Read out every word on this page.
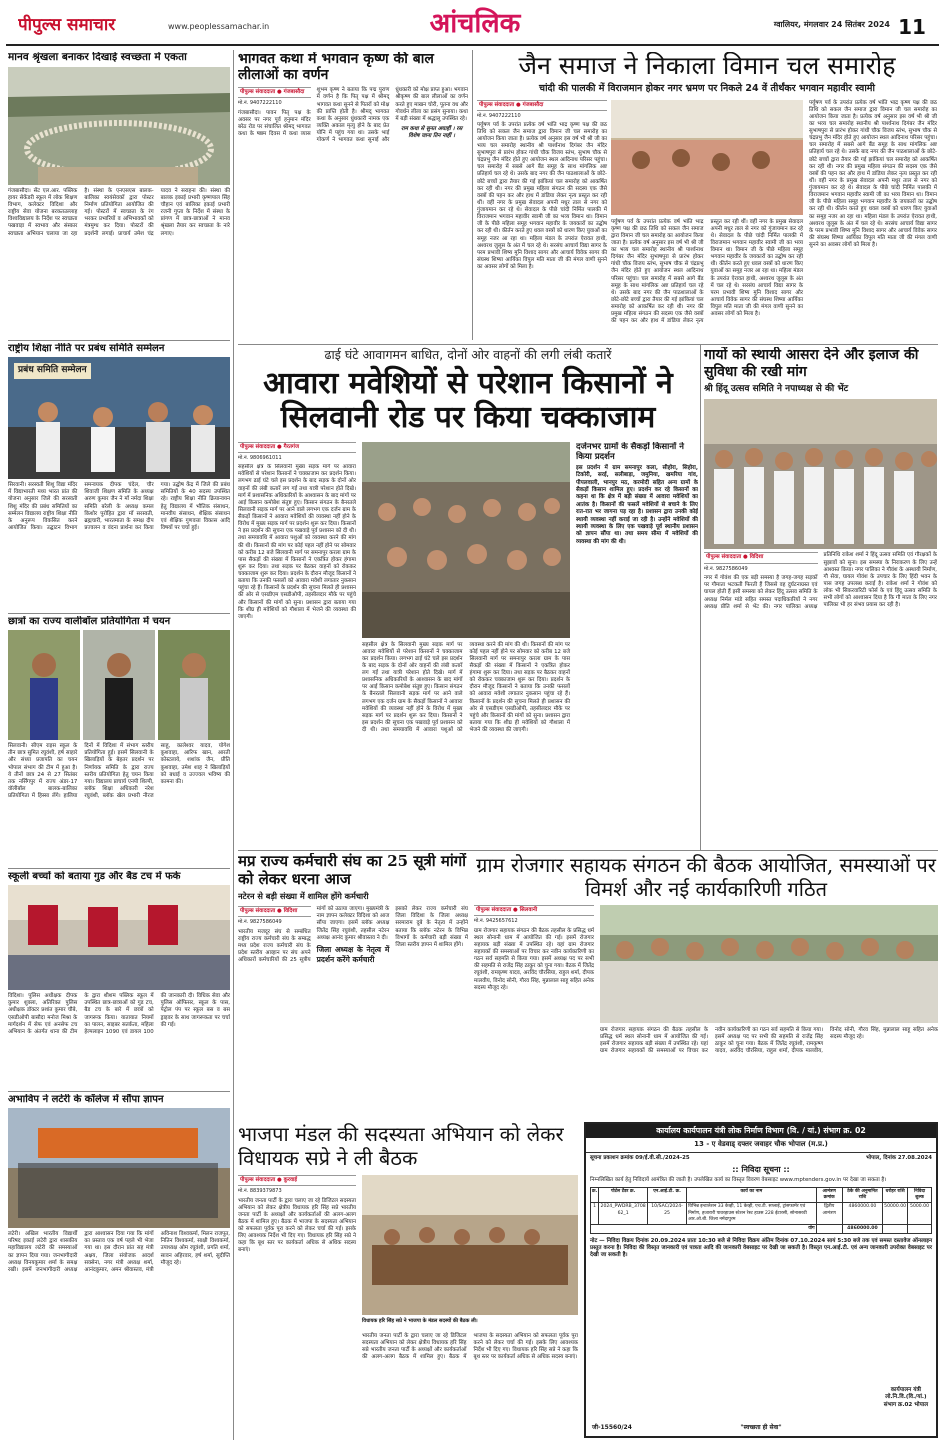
पीपुल्स समाचार	www.peoplessamachar.in	आंचलिक	ग्वालियर, मंगलवार 24 सितंबर 2024 11
मानव श्रृंखला बनाकर दिखाई स्वच्छता में एकता
गंजबासौदा। सेंट एल.आर. पब्लिक हायर सेकेंडरी स्कूल में लोक शिक्षण विभाग, कलेक्टर विदिशा और राष्ट्रीय सेवा योजना बरकतउल्लाह विश्वविद्यालय के निर्देश पर स्वच्छता पखवाड़ा में स्वभाव और संस्कार स्वच्छता अभियान चलाया जा रहा है। संस्था के एनएसएस बालक-बालिका स्वयंसेवकों द्वारा पोस्टर निर्माण प्रतियोगिता आयोजित की गई। पोस्टरों में स्वच्छता के रंग भरकर प्रभारियों व अभिभावकों को मंत्रमुग्ध कर दिया। पोस्टरों की प्रदर्शनी लगाई। प्राचार्य उमेश चंद्र यादव ने सराहना की। संस्था की बालक इकाई प्रभारी कृष्णपाल सिंह चौहान एवं बालिका इकाई प्रभारी रजनी गुप्ता के निर्देश में संस्था के प्रांगण में छात्र-छात्राओं ने मानव श्रृंखला तैयार कर स्वच्छता के नारे लगाए।
राष्ट्रीय शिक्षा नीति पर प्रबंध समिति सम्मेलन
प्रबंध समिति सम्मेलन
सिरवानी। सरस्वती शिशु विद्या मंदिर में विद्याभारती मध्य भारत प्रांत की योजना अनुसार जिले की सरस्वती शिशु मंदिर की प्रबंध समितियों का सम्मेलन विद्यालय राष्ट्रीय शिक्षा नीति के अनुरूप विकसित करने आयोजित किया। उद्घाटन विभाग समन्वयक दीपक चंदेल, चौर शिवाजी शिक्षण समिति के अध्यक्ष अरुण कुमार जैन ने माँ नर्मदा शिक्षा समिति बरेली के अध्यक्ष कमल किशोर पुरोहित द्वारा माँ सरस्वती, ब्रह्मचारी, भारतमाता के समक्ष दीप प्रज्वलन व वंदना प्रार्थना कर किया गया। उद्घोष केंद्र में जिले की प्रबंध समितियों के 40 सदस्य उपस्थित रहे। राष्ट्रीय शिक्षा नीति क्रियान्वयन हेतु विद्यालय में भौतिक संसाधन, मानवीय संसाधन, शैक्षिक संसाधन एवं शैक्षिक गुणवत्ता विकास आदि विषयों पर चर्चा हुई।
छात्रों का राज्य वालीबॉल प्रतियोगिता में चयन
सिलवानी। सीएम राइस स्कूल के तीन छात्र सुमित रघुवंशी, हर्ष साहारे और संध्या प्रजापति का चयन भोपाल संभाग की टीम में हुआ है। ये तीनों छात्र 24 से 27 सितंबर तक नर्सिंगपुर में राज्य अंडर-17 वॉलीबॉल बालक-बालिका प्रतियोगिता में हिस्सा लेंगे। हालिया दिनों में विदिशा में संभाग स्तरीय प्रतियोगिता हुई। इसमें सिलवानी के खिलाड़ियों के बेहतर प्रदर्शन पर निर्णायक समिति के द्वारा राज्य स्तरीय प्रतियोगिता हेतु चयन किया गया। विद्यालय प्राचार्य एनपी शिल्पी, ब्लॉक शिक्षा अधिकारी नरेश रघुवंशी, ब्लॉक खेल प्रभारी नीरज साहू, कालेश्वर यादव, योगेश कुशवाहा, आरिफ खान, आरती कोस्टलाये, शशांक जैन, प्रीति कुशवाहा, उमेश शाह ने खिलाड़ियों को बधाई व उज्ज्वल भविष्य की कामना की।
स्कूली बच्चों को बताया गुड और बैड टच में फर्क
विदिशा। पुलिस अधीक्षक दीपक कुमार शुक्ला, अतिरिक्त पुलिस अधीक्षक डॉक्टर प्रशांत कुमार चौबे, एसडीओपी बासौदा मनोज मिश्रा के मार्गदर्शन में सेफ एवं अनसेफ टच अभियान के अंतर्गत थाना की टीम के द्वारा शीशम पब्लिक स्कूल में उपस्थित छात्र-छात्राओं को गुड टच, बैड टच के बारे में छात्रों को जागरूक किया। यातायात नियमों का पालन, साइबर सतर्कता, महिला हेल्पलाइन 1090 एवं डायल 100 की जानकारी दी। विधिक सेवा और पुलिस ऑफिसर, स्कूल के पास, पेट्रोल पंप पर स्कूल बस व बस ड्राइवर के साथ जागरूकता पर चर्चा की गई।
अभाविप ने लटेरी के कॉलेज में सौंपा ज्ञापन
लटेरी। अखिल भारतीय विद्यार्थी परिषद इकाई लटेरी द्वारा शासकीय महाविद्यालय लटेरी की समस्याओं का ज्ञापन दिया गया। जनभागीदारी अध्यक्ष विनयकुमार शर्मा के समक्ष रखी। इसमें जनभागीदारी अध्यक्ष द्वारा आश्वासन दिया गया कि मांगों का प्रस्ताव एक वर्ष पहले भी भेजा गया था। इस दौरान प्रांत सह मंत्री अक्षय, जिला संयोजक आदर्श सक्सेना, नगर मंत्री अध्यक्ष शर्मा, आनंदकुमार, अमन श्रीवास्तव, मंत्री अविनाश विश्वकर्मा, मिलन राजपूत, नितिन विश्वकर्मा, साक्षी विश्वकर्मा, उपाध्यक्ष ओम रघुवंशी, प्रगति शर्मा, सावन अहिरवार, हर्ष शर्मा, सुदीप्ति मौजूद रहे।
भागवत कथा में भगवान कृष्ण की बाल लीलाओं का वर्णन
पीपुल्स संवाददाता ● गंजबासौदा
मो.नं. 9407222110
गंजबासौदा। पावन पितृ पक्ष के अवसर पर नगर पूर्व हनुमान मंदिर बरेठ रोड पर संचालित श्रीमद् भागवत कथा के षष्ठम दिवस में कथा व्यास शुभम कृष्ण ने बताया कि पद्म पुराण में वर्णन है कि पितृ पक्ष में श्रीमद् भागवत कथा सुनने से पितरों को मोक्ष की प्राप्ति होती है। श्रीमद् भागवत कथा के अनुसार धुंधकारी नामक एक व्यक्ति अकाल मृत्यु होने के बाद प्रेत योनि में पहुंच गया था। उसके भाई गोकर्ण ने भागवत कथा सुनाई और धुंधकारी को मोक्ष प्राप्त हुआ। भगवान श्रीकृष्ण की बाल लीलाओं का वर्णन करते हुए माखन चोरी, पूतना वध और गोवर्धन लीला का प्रसंग सुनाया। कथा में बड़ी संख्या में श्रद्धालु उपस्थित रहे।
राम कथा से सुनत अघाहीं । रस विशेष जाना तिन नाहीं ।
जैन समाज ने निकाला विमान चल समारोह
चांदी की पालकी में विराजमान होकर नगर भ्रमण पर निकले 24 वें तीर्थंकर भगवान महावीर स्वामी
पीपुल्स संवाददाता ● गंजबासौदा
मो.नं. 9407222110
पर्युषण पर्व के उपरांत प्रत्येक वर्ष भांति भाद्र कृष्ण पक्ष की छठ तिथि को सकल जैन समाज द्वारा विमान जी चल समारोह का आयोजन किया जाता है। प्रत्येक वर्ष अनुसार इस वर्ष भी श्री जी का भव्य चल समारोह स्थानीय श्री पार्श्वनाथ दिगंबर जैन मंदिर सुभाषपुरा से प्रारंभ होकर गांधी चौक विजय स्तंभ, सुभाष चौक से चंद्रप्रभु जैन मंदिर होते हुए आयोजन स्थल आदिनाथ परिसर पहुंचा। चल समारोह में सबसे आगे बैंड समूह के साथ मांगलिक अष्ट प्रतिहार्य चल रहे थे। उसके बाद नगर की जैन पाठशालाओं के छोटे-छोटे बच्चों द्वारा तैयार की गई झांकियां चल समारोह को आकर्षित कर रही थी। नगर की प्रमुख महिला संगठन की सदस्य एक जैसे वस्त्रों की पहन कर और हाथ में डांडिया लेकर नृत्य प्रस्तुत कर रही थीं। वहीं नगर के प्रमुख सेवादल अपनी मधुर ताल से नगर को गुंजायमान कर रहे थे। सेवादल के पीछे चांदी निर्मित पालकी में विराजमान भगवान महावीर स्वामी जी का भव्य विमान था। विमान जी के पीछे महिला समूह भगवान महावीर के जयकारों का उद्घोष कर रही थी। कीर्तन करते हुए धवल वस्त्रों को धारण किए युवाओं का समूह नजर आ रहा था। महिला मंडल के उपरांत ऐरावत हाथी, अश्वरथ जुलूस के अंत में चल रहे थे। सरसंघ आचार्य विद्या सागर के परम प्रभावी शिष्य मुनि विशाद सागर और आचार्य विवेक सागर की संघस्थ शिष्या आर्यिका विपुल मति माता जी की मंगल वाणी सुनने का अवसर लोगों को मिला है।
पर्युषण पर्व के उपरांत प्रत्येक वर्ष भांति भाद्र कृष्ण पक्ष की छठ तिथि को सकल जैन समाज द्वारा विमान जी चल समारोह का आयोजन किया जाता है। प्रत्येक वर्ष अनुसार इस वर्ष भी श्री जी का भव्य चल समारोह स्थानीय श्री पार्श्वनाथ दिगंबर जैन मंदिर सुभाषपुरा से प्रारंभ होकर गांधी चौक विजय स्तंभ, सुभाष चौक से चंद्रप्रभु जैन मंदिर होते हुए आयोजन स्थल आदिनाथ परिसर पहुंचा। चल समारोह में सबसे आगे बैंड समूह के साथ मांगलिक अष्ट प्रतिहार्य चल रहे थे। उसके बाद नगर की जैन पाठशालाओं के छोटे-छोटे बच्चों द्वारा तैयार की गई झांकियां चल समारोह को आकर्षित कर रही थी। नगर की प्रमुख महिला संगठन की सदस्य एक जैसे वस्त्रों की पहन कर और हाथ में डांडिया लेकर नृत्य प्रस्तुत कर रही थीं। वहीं नगर के प्रमुख सेवादल अपनी मधुर ताल से नगर को गुंजायमान कर रहे थे। सेवादल के पीछे चांदी निर्मित पालकी में विराजमान भगवान महावीर स्वामी जी का भव्य विमान था। विमान जी के पीछे महिला समूह भगवान महावीर के जयकारों का उद्घोष कर रही थी। कीर्तन करते हुए धवल वस्त्रों को धारण किए युवाओं का समूह नजर आ रहा था। महिला मंडल के उपरांत ऐरावत हाथी, अश्वरथ जुलूस के अंत में चल रहे थे। सरसंघ आचार्य विद्या सागर के परम प्रभावी शिष्य मुनि विशाद सागर और आचार्य विवेक सागर की संघस्थ शिष्या आर्यिका विपुल मति माता जी की मंगल वाणी सुनने का अवसर लोगों को मिला है।
पर्युषण पर्व के उपरांत प्रत्येक वर्ष भांति भाद्र कृष्ण पक्ष की छठ तिथि को सकल जैन समाज द्वारा विमान जी चल समारोह का आयोजन किया जाता है। प्रत्येक वर्ष अनुसार इस वर्ष भी श्री जी का भव्य चल समारोह स्थानीय श्री पार्श्वनाथ दिगंबर जैन मंदिर सुभाषपुरा से प्रारंभ होकर गांधी चौक विजय स्तंभ, सुभाष चौक से चंद्रप्रभु जैन मंदिर होते हुए आयोजन स्थल आदिनाथ परिसर पहुंचा। चल समारोह में सबसे आगे बैंड समूह के साथ मांगलिक अष्ट प्रतिहार्य चल रहे थे। उसके बाद नगर की जैन पाठशालाओं के छोटे-छोटे बच्चों द्वारा तैयार की गई झांकियां चल समारोह को आकर्षित कर रही थी। नगर की प्रमुख महिला संगठन की सदस्य एक जैसे वस्त्रों की पहन कर और हाथ में डांडिया लेकर नृत्य प्रस्तुत कर रही थीं। वहीं नगर के प्रमुख सेवादल अपनी मधुर ताल से नगर को गुंजायमान कर रहे थे। सेवादल के पीछे चांदी निर्मित पालकी में विराजमान भगवान महावीर स्वामी जी का भव्य विमान था। विमान जी के पीछे महिला समूह भगवान महावीर के जयकारों का उद्घोष कर रही थी। कीर्तन करते हुए धवल वस्त्रों को धारण किए युवाओं का समूह नजर आ रहा था। महिला मंडल के उपरांत ऐरावत हाथी, अश्वरथ जुलूस के अंत में चल रहे थे। सरसंघ आचार्य विद्या सागर के परम प्रभावी शिष्य मुनि विशाद सागर और आचार्य विवेक सागर की संघस्थ शिष्या आर्यिका विपुल मति माता जी की मंगल वाणी सुनने का अवसर लोगों को मिला है।
ढाई घंटे आवागमन बाधित, दोनों ओर वाहनों की लगी लंबी कतारें
आवारा मवेशियों से परेशान किसानों ने सिलवानी रोड पर किया चक्काजाम
पीपुल्स संवाददाता ● गैरतगंज
मो.नं. 9806961011
सहसील क्षेत्र के सिलवानी मुख्य सड़क मार्ग पर आवारा मवेशियों से परेशान किसानों ने चक्काजाम कर प्रदर्शन किया। लगभग ढाई घंटे चले इस प्रदर्शन के बाद सड़क के दोनों ओर वाहनों की लंबी कतारें लग गईं तथा यात्री परेशान होते दिखे। मार्ग में प्रशासनिक अधिकारियों के आश्वासन के बाद मांगों पर आई किसान कमोबेश संतुष्ट हुए। किसान संगठन के बैनरतले सिलवानी सड़क मार्ग पर आने वाले लगभग एक दर्जन ग्राम के सैकड़ों किसानों ने आवारा मवेशियों की व्यवस्था नहीं होने के विरोध में मुख्य सड़क मार्ग पर प्रदर्शन शुरू कर दिया। किसानों ने इस प्रदर्शन की सूचना एक पखवाड़े पूर्व प्रशासन को दी थी। तथा समयावधि में आवारा पशुओं को व्यवस्था करने की मांग की थी। किसानों की मांग पर कोई पहल नहीं होने पर सोमवार को करीब 12 बजे सिलवानी मार्ग पर समनापुर करला ग्राम के पास सैकड़ों की संख्या में किसानों ने एकत्रित होकर हंगामा शुरू कर दिया। तथा सड़क पर बैठकर वाहनों को रोककर चक्काजाम शुरू कर दिया। प्रदर्शन के दौरान मौजूद किसानों ने बताया कि उनकी फसलों को आवारा मवेशी लगातार नुकसान पहुंचा रहे हैं। किसानों के प्रदर्शन की सूचना मिलते ही प्रशासन की ओर से एसडीएम एसडीओपी, तहसीलदार मौके पर पहुंचे और किसानों की मांगों को सुना। प्रशासन द्वारा बताया गया कि शीघ्र ही मवेशियों को गौशाला में भेजने की व्यवस्था की जाएगी।
सहसील क्षेत्र के सिलवानी मुख्य सड़क मार्ग पर आवारा मवेशियों से परेशान किसानों ने चक्काजाम कर प्रदर्शन किया। लगभग ढाई घंटे चले इस प्रदर्शन के बाद सड़क के दोनों ओर वाहनों की लंबी कतारें लग गईं तथा यात्री परेशान होते दिखे। मार्ग में प्रशासनिक अधिकारियों के आश्वासन के बाद मांगों पर आई किसान कमोबेश संतुष्ट हुए। किसान संगठन के बैनरतले सिलवानी सड़क मार्ग पर आने वाले लगभग एक दर्जन ग्राम के सैकड़ों किसानों ने आवारा मवेशियों की व्यवस्था नहीं होने के विरोध में मुख्य सड़क मार्ग पर प्रदर्शन शुरू कर दिया। किसानों ने इस प्रदर्शन की सूचना एक पखवाड़े पूर्व प्रशासन को दी थी। तथा समयावधि में आवारा पशुओं को व्यवस्था करने की मांग की थी। किसानों की मांग पर कोई पहल नहीं होने पर सोमवार को करीब 12 बजे सिलवानी मार्ग पर समनापुर करला ग्राम के पास सैकड़ों की संख्या में किसानों ने एकत्रित होकर हंगामा शुरू कर दिया। तथा सड़क पर बैठकर वाहनों को रोककर चक्काजाम शुरू कर दिया। प्रदर्शन के दौरान मौजूद किसानों ने बताया कि उनकी फसलों को आवारा मवेशी लगातार नुकसान पहुंचा रहे हैं। किसानों के प्रदर्शन की सूचना मिलते ही प्रशासन की ओर से एसडीएम एसडीओपी, तहसीलदार मौके पर पहुंचे और किसानों की मांगों को सुना। प्रशासन द्वारा बताया गया कि शीघ्र ही मवेशियों को गौशाला में भेजने की व्यवस्था की जाएगी।
दर्जनभर ग्रामों के सैकड़ों किसानों ने किया प्रदर्शन
इस प्रदर्शन में ग्राम समनापुर कला, सीहोरा, सिहोरा, टिकोरी, सरई, सलीबाड़ा, जमुनिया, खमरिया गांव, पीपलवाली, भानपुर मठ, करमोदी सहित अन्य ग्रामों के सैकड़ों किसान शामिल हुए। प्रदर्शन कर रहे किसानों का कहना था कि क्षेत्र में बड़ी संख्या में आवारा मवेशियों का आतंक है। किसानों की फसलें मवेशियों से बचाने के लिए रात-रात भर जागना पड़ रहा है। प्रशासन द्वारा उनकी कोई स्थायी व्यवस्था नहीं कराई जा रही है। उन्होंने मवेशियों की स्थायी व्यवस्था के लिए एक पखवाड़े पूर्व स्थानीय प्रशासन को ज्ञापन सौंपा था। तथा समय सीमा में मवेशियों की व्यवस्था की मांग की थी।
गायों को स्थायी आसरा देने और इलाज की सुविधा की रखी मांग
श्री हिंदू उत्सव समिति ने नपाध्यक्ष से की भेंट
पीपुल्स संवाददाता ● विदिशा
मो.नं. 9827586049
नगर में गोवंश की एक बड़ी समस्या है जगह-जगह सड़कों पर गौमाता भटकती फिरती हैं जिससे वह दुर्घटनाग्रस्त एवं घायल होती हैं इसी समस्या को लेकर हिंदू उत्सव समिति के अध्यक्ष निर्मल मांडे सहित समस्त पदाधिकारियों ने नगर अध्यक्ष प्रीति शर्मा से भेंट की। नगर पालिका अध्यक्ष प्रतिनिधि राकेश शर्मा ने हिंदू उत्सव समिति एवं गौरक्षकों के सुझावों को सुना। इस समस्या के निराकरण के लिए उन्हें आश्वस्त किया। नगर पालिका ने गौवंश के अस्थायी निर्माण, गौ सेवा, घायल गोवंश के उपचार के लिए हिंदी भवन के पास जगह उपलब्ध कराई है। राकेश शर्मा ने गोवंश को लोक भी सिकरवारिटी फोर्स के एवं हिंदू उत्सव समिति के सभी लोगों को आश्वासन दिया है कि गौ माता के लिए नगर पालिका भी हर संभव प्रयास कर रही है।
मप्र राज्य कर्मचारी संघ का 25 सूत्री मांगों को लेकर धरना आज
नटेरन से बड़ी संख्या में शामिल होंगे कर्मचारी
पीपुल्स संवाददाता ● विदिशा
मो.नं. 9827586049
भारतीय मजदूर संघ से सम्बंधित राष्ट्रीय राज्य कर्मचारी संघ के सम्बद्ध मध्य प्रदेश राज्य कर्मचारी संघ के प्रदेश स्तरीय आव्हान पर संघ अपने अधिकारों कर्मचारियों की 25 सूत्रीय मांगों को उठाया जाएगा। मुख्यमंत्री के नाम ज्ञापन कलेक्टर विदिशा को आज सौंपा जाएगा। इसमें ब्लॉक अध्यक्ष जितेंद्र सिंह रघुवंशी, तहसील नटेरन अध्यक्ष आनंद कुमार श्रीवास्तव ने दी।
जिला अध्यक्ष के नेतृत्व में प्रदर्शन करेंगे कर्मचारी
इसको लेकर राज्य कर्मचारी संघ जिला विदिशा के जिला अध्यक्ष सरमाराम दुबे के नेतृत्व में उन्होंने बताया कि ब्लॉक नटेरन के विभिन्न विभागों के कर्मचारी बड़ी संख्या में जिला स्तरीय ज्ञापन में शामिल होंगे।
ग्राम रोजगार सहायक संगठन की बैठक आयोजित, समस्याओं पर विमर्श और नई कार्यकारिणी गठित
पीपुल्स संवाददाता ● सिलवानी
मो.नं. 9425657612
ग्राम रोजगार सहायक संगठन की बैठक तहसील के प्रसिद्ध धर्म स्थल सोनानी धाम में आयोजित की गई। इसमें रोजगार सहायक बड़ी संख्या में उपस्थित रहे। यहां ग्राम रोजगार सहायकों की समस्याओं पर विचार कर नवीन कार्यकारिणी का गठन सर्व सहमति से किया गया। इसमें अध्यक्ष पद पर सभी की सहमति से राजेंद्र सिंह ठाकुर को चुना गया। बैठक में जितेंद्र रघुवंशी, रामकृष्ण यादव, अरविंद चौरसिया, राहुल शर्मा, दीपक मालवीय, विनोद सोनी, गौरव सिंह, मुन्नालाल साहू सहित अनेक सदस्य मौजूद रहे।
ग्राम रोजगार सहायक संगठन की बैठक तहसील के प्रसिद्ध धर्म स्थल सोनानी धाम में आयोजित की गई। इसमें रोजगार सहायक बड़ी संख्या में उपस्थित रहे। यहां ग्राम रोजगार सहायकों की समस्याओं पर विचार कर नवीन कार्यकारिणी का गठन सर्व सहमति से किया गया। इसमें अध्यक्ष पद पर सभी की सहमति से राजेंद्र सिंह ठाकुर को चुना गया। बैठक में जितेंद्र रघुवंशी, रामकृष्ण यादव, अरविंद चौरसिया, राहुल शर्मा, दीपक मालवीय, विनोद सोनी, गौरव सिंह, मुन्नालाल साहू सहित अनेक सदस्य मौजूद रहे।
भाजपा मंडल की सदस्यता अभियान को लेकर विधायक सप्रे ने ली बैठक
पीपुल्स संवाददाता ● कुरवाई
मो.नं. 8839379873
भारतीय जनता पार्टी के द्वारा चलाए जा रहे डिजिटल सदस्यता अभियान को लेकर क्षेत्रीय विधायक हरि सिंह सप्रे भारतीय जनता पार्टी के अध्यक्षों और कार्यकर्ताओं की अलग-अलग बैठक में शामिल हुए। बैठक में भाजपा के सदस्यता अभियान को सफलता पूर्वक पूरा करने को लेकर चर्चा की गई। इसके लिए आवश्यक निर्देश भी दिए गए। विधायक हरि सिंह सप्रे ने कहा कि बूथ स्तर पर कार्यकर्ता अधिक से अधिक सदस्य बनाएं।
विधायक हरि सिंह सप्रे ने भाजपा के मंडल सदस्यों की बैठक ली।
भारतीय जनता पार्टी के द्वारा चलाए जा रहे डिजिटल सदस्यता अभियान को लेकर क्षेत्रीय विधायक हरि सिंह सप्रे भारतीय जनता पार्टी के अध्यक्षों और कार्यकर्ताओं की अलग-अलग बैठक में शामिल हुए। बैठक में भाजपा के सदस्यता अभियान को सफलता पूर्वक पूरा करने को लेकर चर्चा की गई। इसके लिए आवश्यक निर्देश भी दिए गए। विधायक हरि सिंह सप्रे ने कहा कि बूथ स्तर पर कार्यकर्ता अधिक से अधिक सदस्य बनाएं।
कार्यालय कार्यपालन यंत्री लोक निर्माण विभाग (वि. / यां.) संभाग क्र. 02
13 - ए वेडवाड्‌ दफ्तर जवाहर चौक भोपाल (म.प्र.)
सूचना प्रकाशन क्रमांक 09/ई.वी.सी./2024-25	भोपाल, दिनांक 27.08.2024
:: निविदा सूचना ::
निम्नलिखित कार्य हेतु निविदायें आमंत्रित की जाती है। उपलेखित कार्य का विस्तृत विवरण वेबसाइट www.mptenders.gov.in पर देखा जा सकता है।
क्र.	पोर्टल टेंडर क्र.	एन.आई.टी. क्र.	कार्य का नाम	आमंत्रण क्रमांक	ठेके की अनुमानित राशि	धरोहर राशि	निविदा शुल्क
1	2024_PWDRB_370862_1	10/SAC/2024-25	विभिन्न इन्टालेशन 33 केव्ही, 11 केव्ही, एच.टी. सप्लाई, ट्रांसफार्मर एवं निर्माण, हजारारी पावरहाउस स्टेशन रेस्ट हाउस 228 ईटारसी, सोनासरवी आर.ओ.बी. जिला नर्मदापुरम	द्वितीय आमंत्रण	4860000.00	50000.00	5000.00
योग					4860000.00		
नोट — निविदा विक्रय दिनांक 20.09.2024 प्रातः 10:30 बजे से निविदा विक्रय अंतिम दिनांक 07.10.2024 सायं 5:30 बजे तक एवं समस्त दस्तावेज ऑनलाइन प्रस्तुत करना है। निविदा की विस्तृत जानकारी एवं पात्रता आदि की जानकारी वेबसाइट पर देखी जा सकती है। विस्तृत एन.आई.टी. एवं अन्य जानकारी उपरोक्त वेबसाइट पर देखी जा सकती है।
कार्यपालन यंत्री
लो.नि.वि.(वि./यां.)
संभाग क्र.02 भोपाल
जी-15560/24	"स्वच्छता ही सेवा"
